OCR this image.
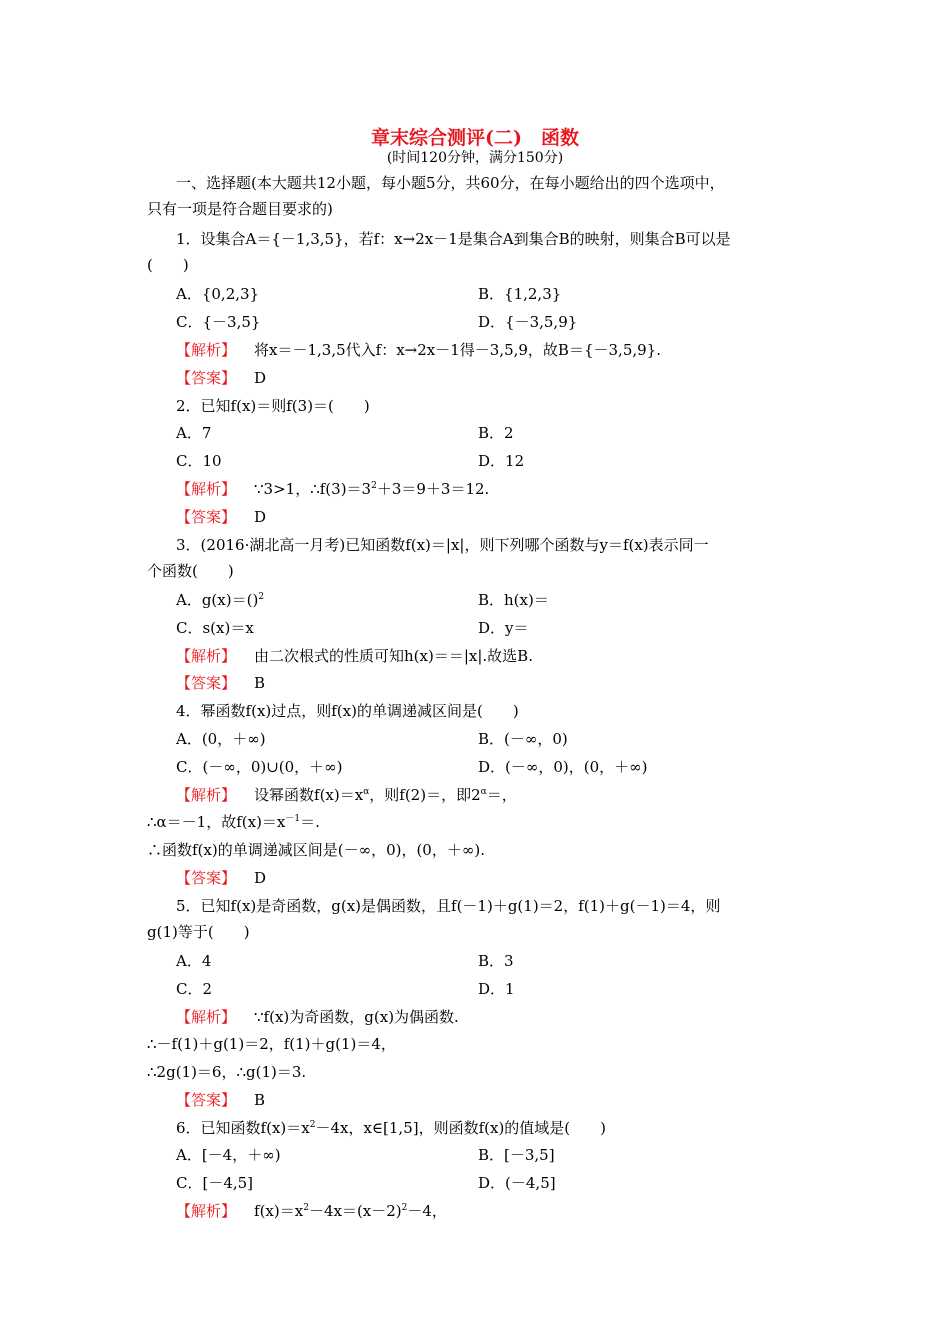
章末综合测评(二)　函数
(时间120分钟，满分150分)
一、选择题(本大题共12小题，每小题5分，共60分，在每小题给出的四个选项中，
只有一项是符合题目要求的)
1．设集合A＝{－1,3,5}，若f：x→2x－1是集合A到集合B的映射，则集合B可以是
(　　)
A．{0,2,3}	B．{1,2,3}
C．{－3,5}	D．{－3,5,9}
【解析】 将x＝－1,3,5代入f：x→2x－1得－3,5,9，故B＝{－3,5,9}.
【答案】 D
2．已知f(x)＝则f(3)＝(　　)
A．7	B．2
C．10	D．12
【解析】 ∵3>1，$\therefore f(3)=3^2+3=9+3=12$.
【答案】 D
3．(2016·湖北高一月考)已知函数f(x)＝|x|，则下列哪个函数与y＝f(x)表示同一
个函数(　　)
A．g(x)＝()$^2$	B．h(x)＝
C．s(x)＝x	D．y＝
【解析】 由二次根式的性质可知h(x)＝＝|x|.故选B.
【答案】 B
4．幂函数f(x)过点，则f(x)的单调递减区间是(　　)
A．(0，＋∞)	B．(－∞，0)
C．(－∞，0)∪(0，＋∞)	D．(－∞，0)，(0，＋∞)
【解析】 设幂函数$f(x)=x^\alpha$，则f(2)＝，即$2^\alpha=$，
∴α＝－1，故$f(x)=x^{-1}=$.
∴函数f(x)的单调递减区间是(－∞，0)，(0，＋∞).
【答案】 D
5．已知f(x)是奇函数，g(x)是偶函数，且f(－1)＋g(1)＝2，f(1)＋g(－1)＝4，则
g(1)等于(　　)
A．4	B．3
C．2	D．1
【解析】 ∵f(x)为奇函数，g(x)为偶函数.
∴－f(1)＋g(1)＝2，f(1)＋g(1)＝4，
∴2g(1)＝6，∴g(1)＝3.
【答案】 B
6．已知函数$f(x)=x^2-4x$，x∈[1,5]，则函数f(x)的值域是(　　)
A．[－4，＋∞)	B．[－3,5]
C．[－4,5]	D．(－4,5]
【解析】 $f(x)=x^2-4x=(x-2)^2-4$，
